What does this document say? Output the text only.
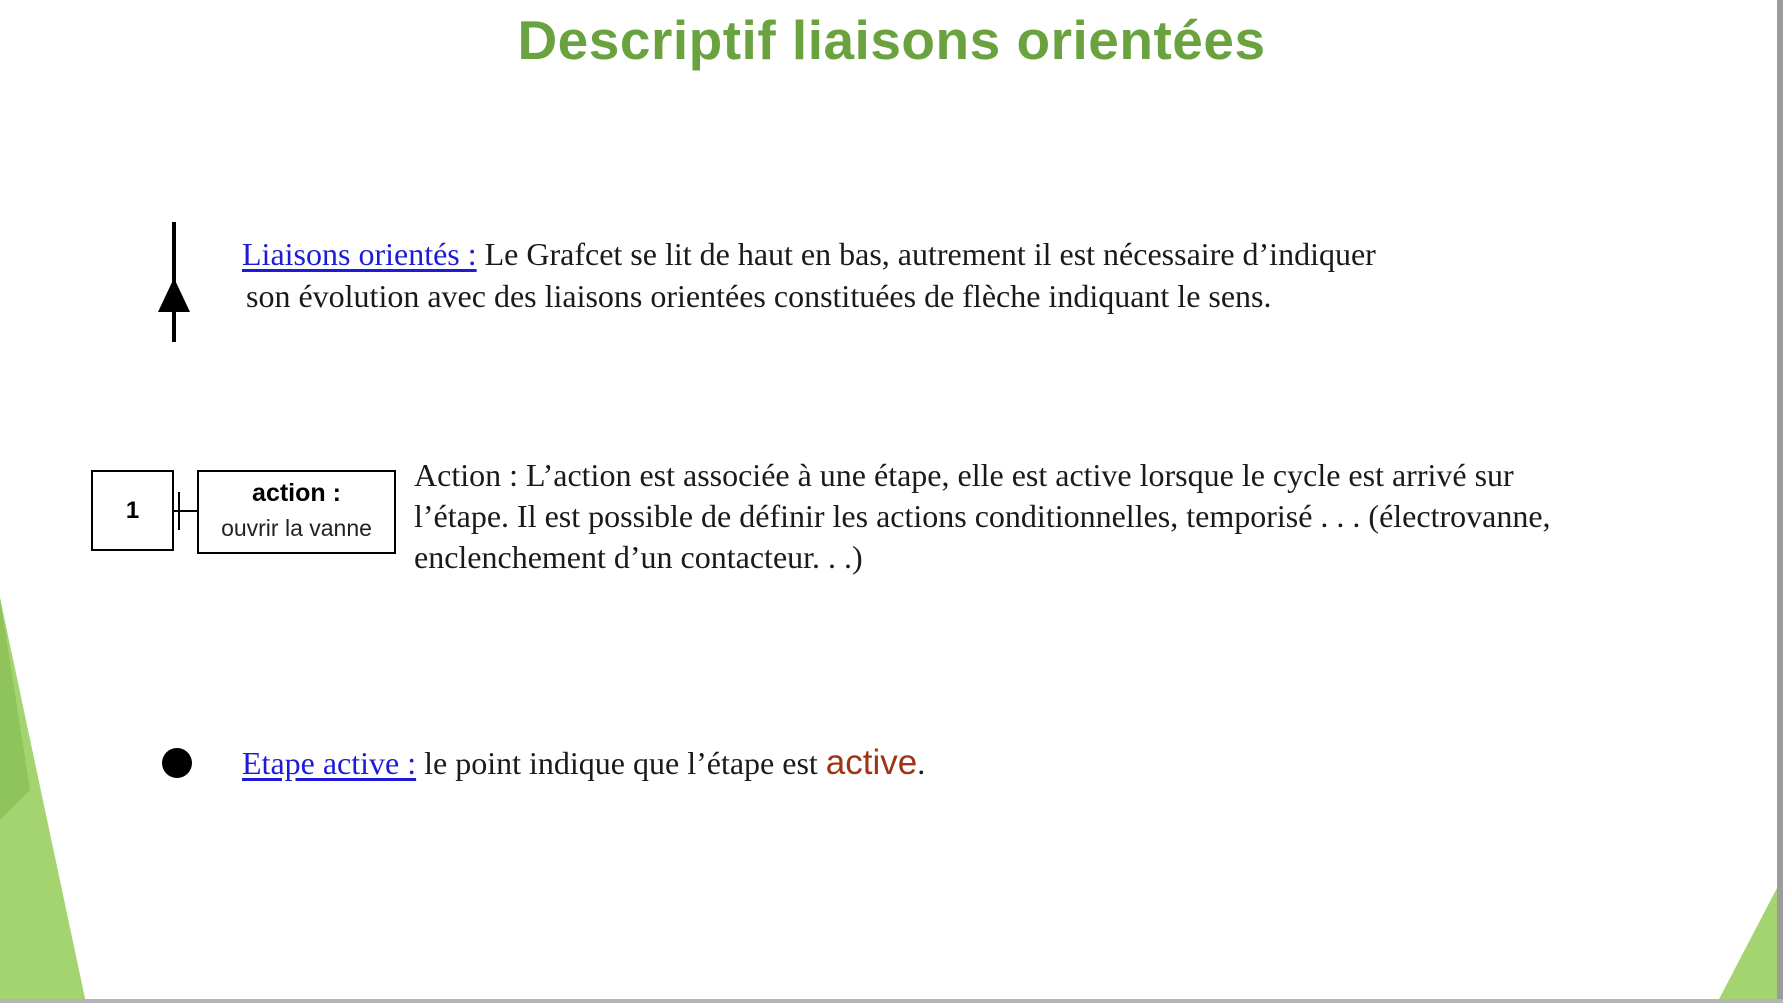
Descriptif liaisons orientées
Liaisons orientés : Le Grafcet se lit de haut en bas, autrement il est nécessaire d’indiquer
son évolution avec des liaisons orientées constituées de flèche indiquant le sens.
1
action :
ouvrir la vanne
Action : L’action est associée à une étape, elle est active lorsque le cycle est arrivé sur
l’étape. Il est possible de définir les actions conditionnelles, temporisé . . . (électrovanne,
enclenchement d’un contacteur. . .)
Etape active : le point indique que l’étape est active.
